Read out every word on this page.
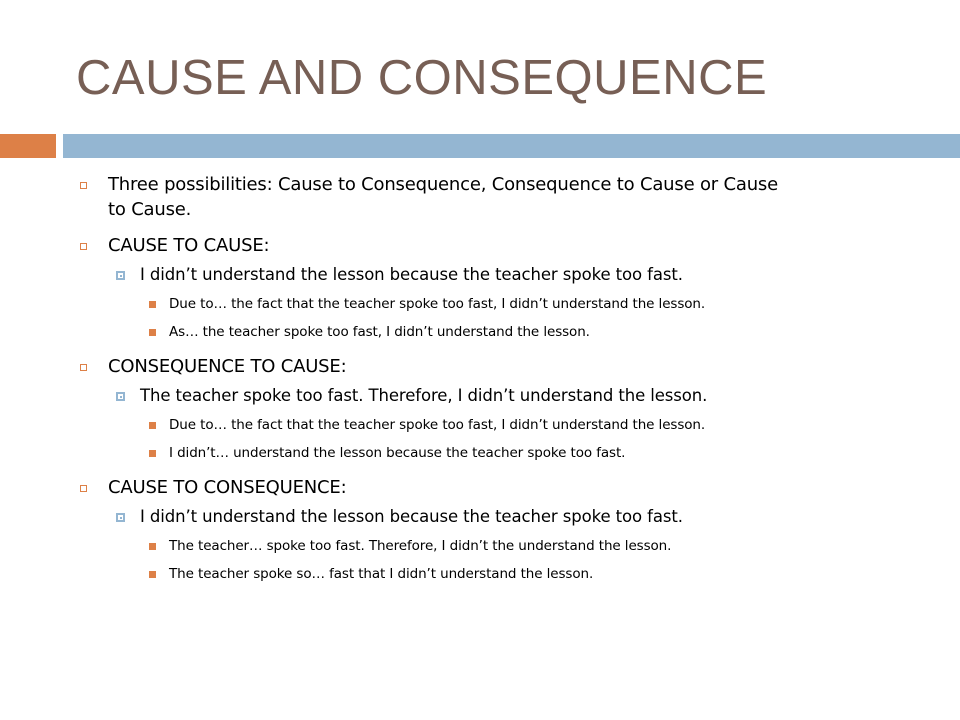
CAUSE AND CONSEQUENCE
Three possibilities: Cause to Consequence, Consequence to Cause or Cause
to Cause.
CAUSE TO CAUSE:
I didn’t understand the lesson because the teacher spoke too fast.
Due to… the fact that the teacher spoke too fast, I didn’t understand the lesson.
As… the teacher spoke too fast, I didn’t understand the lesson.
CONSEQUENCE TO CAUSE:
The teacher spoke too fast. Therefore, I didn’t understand the lesson.
Due to… the fact that the teacher spoke too fast, I didn’t understand the lesson.
I didn’t… understand the lesson because the teacher spoke too fast.
CAUSE TO CONSEQUENCE:
I didn’t understand the lesson because the teacher spoke too fast.
The teacher… spoke too fast. Therefore, I didn’t the understand the lesson.
The teacher spoke so… fast that I didn’t understand the lesson.
